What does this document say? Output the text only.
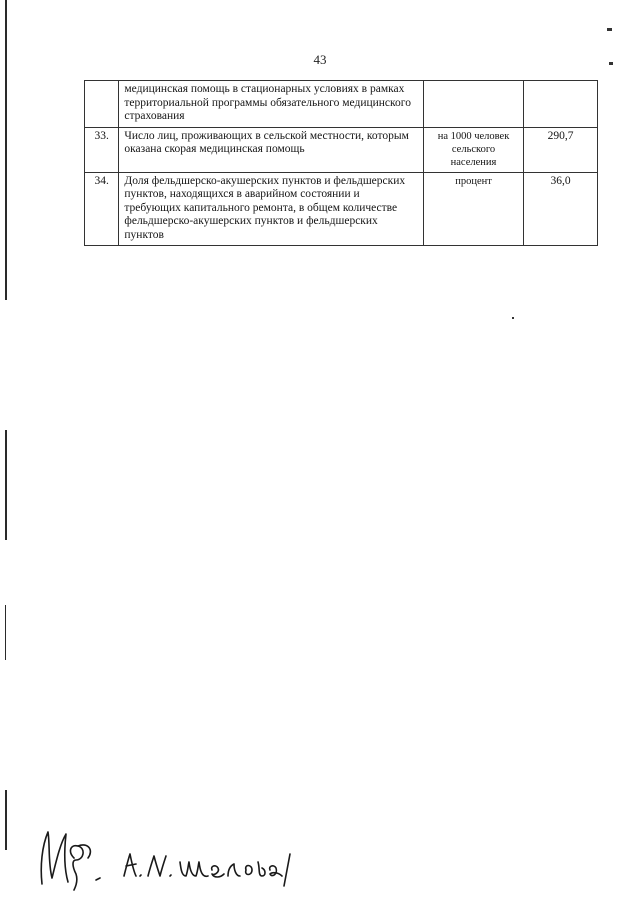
43
	медицинская помощь в стационарных условиях в рамках территориальной программы обязательного медицинского страхования		
33.	Число лиц, проживающих в сельской местности, которым оказана скорая медицинская помощь	на 1000 человек сельского населения	290,7
34.	Доля фельдшерско-акушерских пунктов и фельдшерских пунктов, находящихся в аварийном состоянии и требующих капитального ремонта, в общем количестве фельдшерско-акушерских пунктов и фельдшерских пунктов	процент	36,0
